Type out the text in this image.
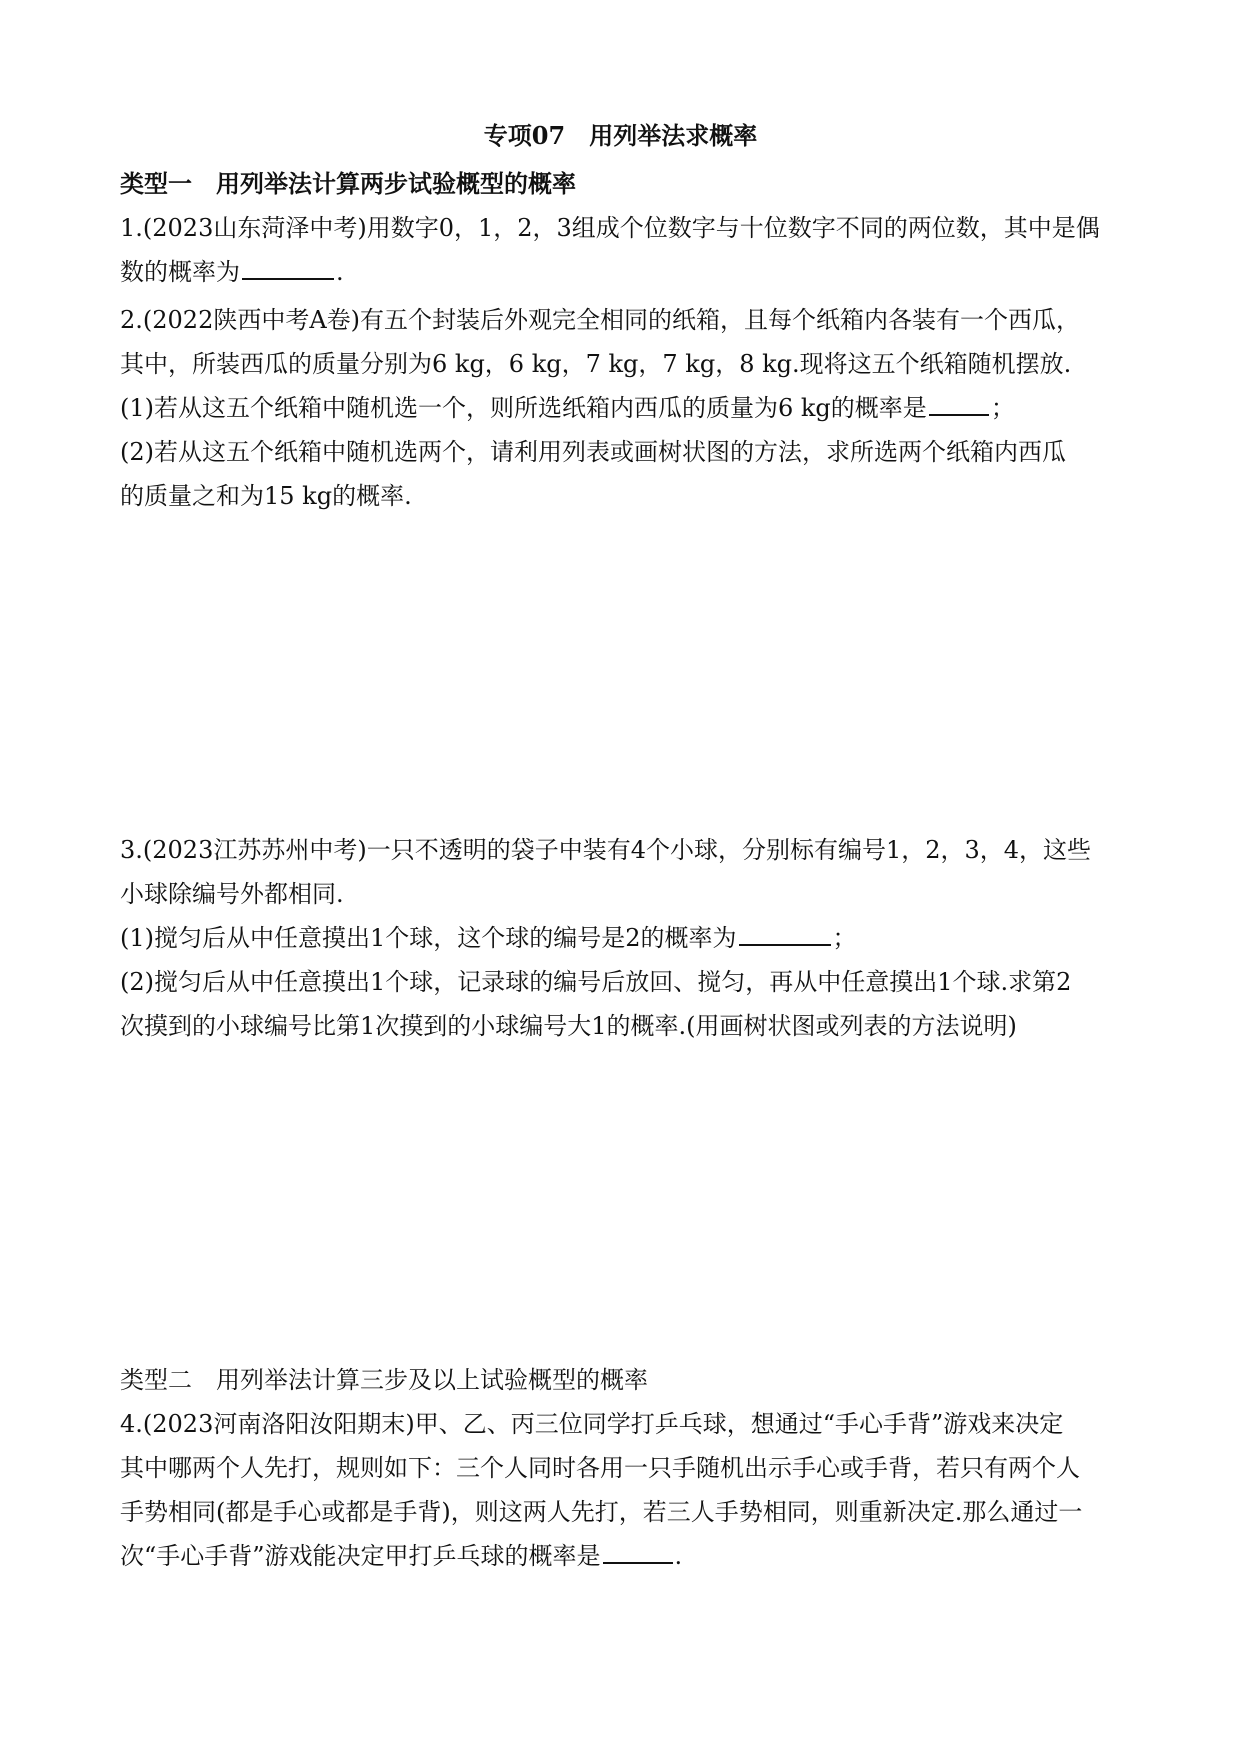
专项07　用列举法求概率

类型一　用列举法计算两步试验概型的概率

1.(2023山东菏泽中考)用数字0，1，2，3组成个位数字与十位数字不同的两位数，其中是偶

数的概率为	.

2.(2022陕西中考A卷)有五个封装后外观完全相同的纸箱，且每个纸箱内各装有一个西瓜，

其中，所装西瓜的质量分别为6 kg，6 kg，7 kg，7 kg，8 kg.现将这五个纸箱随机摆放.

(1)若从这五个纸箱中随机选一个，则所选纸箱内西瓜的质量为6 kg的概率是	；

(2)若从这五个纸箱中随机选两个，请利用列表或画树状图的方法，求所选两个纸箱内西瓜

的质量之和为15 kg的概率.

3.(2023江苏苏州中考)一只不透明的袋子中装有4个小球，分别标有编号1，2，3，4，这些

小球除编号外都相同.

(1)搅匀后从中任意摸出1个球，这个球的编号是2的概率为	；

(2)搅匀后从中任意摸出1个球，记录球的编号后放回、搅匀，再从中任意摸出1个球.求第2

次摸到的小球编号比第1次摸到的小球编号大1的概率.(用画树状图或列表的方法说明)

类型二　用列举法计算三步及以上试验概型的概率

4.(2023河南洛阳汝阳期末)甲、乙、丙三位同学打乒乓球，想通过“手心手背”游戏来决定

其中哪两个人先打，规则如下：三个人同时各用一只手随机出示手心或手背，若只有两个人

手势相同(都是手心或都是手背)，则这两人先打，若三人手势相同，则重新决定.那么通过一

次“手心手背”游戏能决定甲打乒乓球的概率是	.
